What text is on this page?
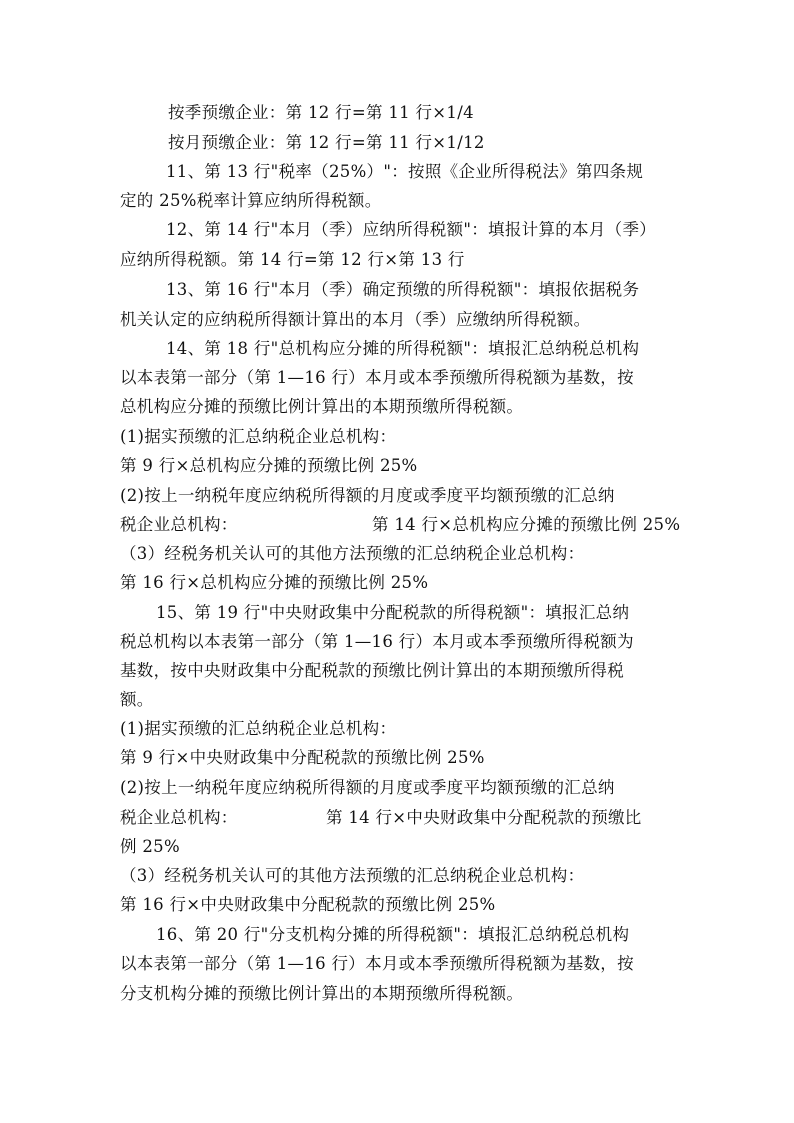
按季预缴企业：第 12 行=第 11 行×1/4
按月预缴企业：第 12 行=第 11 行×1/12
11、第 13 行"税率（25%）"：按照《企业所得税法》第四条规
定的 25%税率计算应纳所得税额。
12、第 14 行"本月（季）应纳所得税额"：填报计算的本月（季）
应纳所得税额。第 14 行=第 12 行×第 13 行
13、第 16 行"本月（季）确定预缴的所得税额"：填报依据税务
机关认定的应纳税所得额计算出的本月（季）应缴纳所得税额。
14、第 18 行"总机构应分摊的所得税额"：填报汇总纳税总机构
以本表第一部分（第 1—16 行）本月或本季预缴所得税额为基数，按
总机构应分摊的预缴比例计算出的本期预缴所得税额。
(1)据实预缴的汇总纳税企业总机构：
第 9 行×总机构应分摊的预缴比例 25%
(2)按上一纳税年度应纳税所得额的月度或季度平均额预缴的汇总纳
税企业总机构：	第 14 行×总机构应分摊的预缴比例 25%
（3）经税务机关认可的其他方法预缴的汇总纳税企业总机构：
第 16 行×总机构应分摊的预缴比例 25%
15、第 19 行"中央财政集中分配税款的所得税额"：填报汇总纳
税总机构以本表第一部分（第 1—16 行）本月或本季预缴所得税额为
基数，按中央财政集中分配税款的预缴比例计算出的本期预缴所得税
额。
(1)据实预缴的汇总纳税企业总机构：
第 9 行×中央财政集中分配税款的预缴比例 25%
(2)按上一纳税年度应纳税所得额的月度或季度平均额预缴的汇总纳
税企业总机构：	第 14 行×中央财政集中分配税款的预缴比
例 25%
（3）经税务机关认可的其他方法预缴的汇总纳税企业总机构：
第 16 行×中央财政集中分配税款的预缴比例 25%
16、第 20 行"分支机构分摊的所得税额"：填报汇总纳税总机构
以本表第一部分（第 1—16 行）本月或本季预缴所得税额为基数，按
分支机构分摊的预缴比例计算出的本期预缴所得税额。
